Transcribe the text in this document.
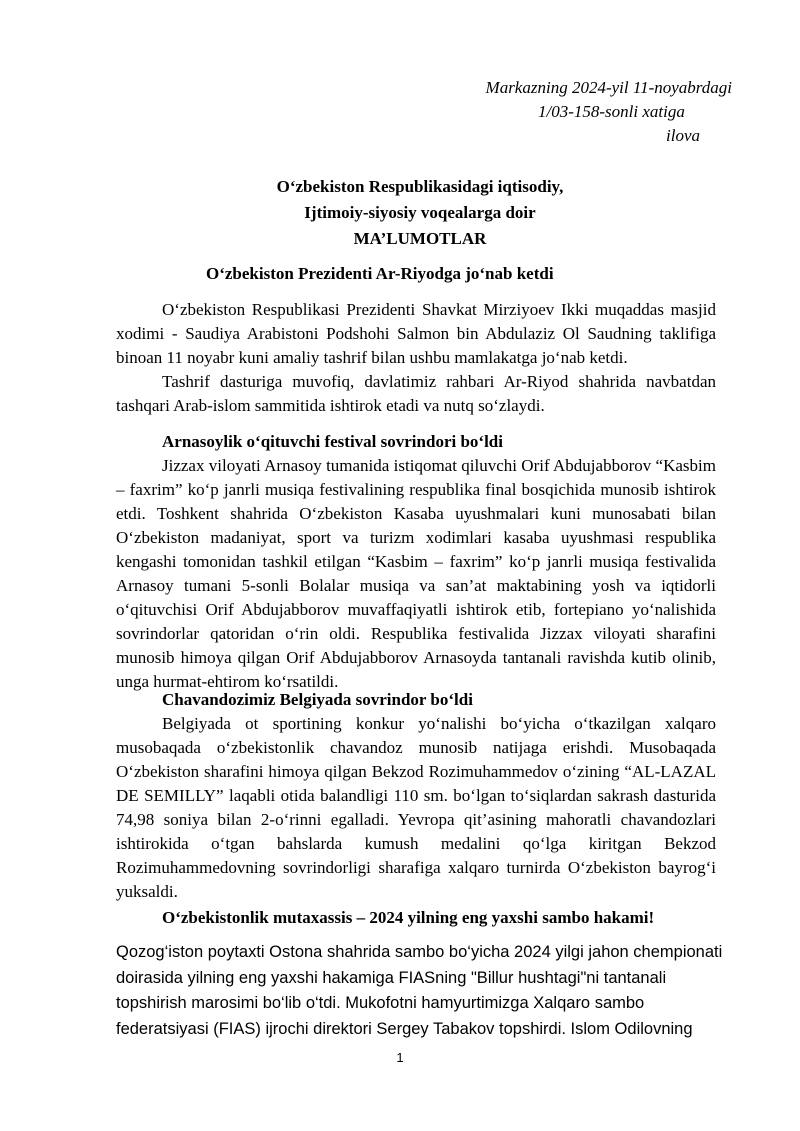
Markazning 2024-yil 11-noyabrdagi
1/03-158-sonli xatiga
ilova
O‘zbekiston Respublikasidagi iqtisodiy,
Ijtimoiy-siyosiy voqealarga doir
MA’LUMOTLAR
O‘zbekiston Prezidenti Ar-Riyodga jo‘nab ketdi

O‘zbekiston Respublikasi Prezidenti Shavkat Mirziyoev Ikki muqaddas masjid xodimi - Saudiya Arabistoni Podshohi Salmon bin Abdulaziz Ol Saudning taklifiga binoan 11 noyabr kuni amaliy tashrif bilan ushbu mamlakatga jo‘nab ketdi.

Tashrif dasturiga muvofiq, davlatimiz rahbari Ar-Riyod shahrida navbatdan tashqari Arab-islom sammitida ishtirok etadi va nutq so‘zlaydi.

Arnasoylik o‘qituvchi festival sovrindori bo‘ldi

Jizzax viloyati Arnasoy tumanida istiqomat qiluvchi Orif Abdujabborov “Kasbim – faxrim” ko‘p janrli musiqa festivalining respublika final bosqichida munosib ishtirok etdi. Toshkent shahrida O‘zbekiston Kasaba uyushmalari kuni munosabati bilan O‘zbekiston madaniyat, sport va turizm xodimlari kasaba uyushmasi respublika kengashi tomonidan tashkil etilgan “Kasbim – faxrim” ko‘p janrli musiqa festivalida Arnasoy tumani 5-sonli Bolalar musiqa va san’at maktabining yosh va iqtidorli o‘qituvchisi Orif Abdujabborov muvaffaqiyatli ishtirok etib, fortepiano yo‘nalishida sovrindorlar qatoridan o‘rin oldi. Respublika festivalida Jizzax viloyati sharafini munosib himoya qilgan Orif Abdujabborov Arnasoyda tantanali ravishda kutib olinib, unga hurmat-ehtirom ko‘rsatildi.

Chavandozimiz Belgiyada sovrindor bo‘ldi

Belgiyada ot sportining konkur yo‘nalishi bo‘yicha o‘tkazilgan xalqaro musobaqada o‘zbekistonlik chavandoz munosib natijaga erishdi. Musobaqada O‘zbekiston sharafini himoya qilgan Bekzod Rozimuhammedov o‘zining “AL-LAZAL DE SEMILLY” laqabli otida balandligi 110 sm. bo‘lgan to‘siqlardan sakrash dasturida 74,98 soniya bilan 2-o‘rinni egalladi. Yevropa qit’asining mahoratli chavandozlari ishtirokida o‘tgan bahslarda kumush medalini qo‘lga kiritgan Bekzod Rozimuhammedovning sovrindorligi sharafiga xalqaro turnirda O‘zbekiston bayrog‘i yuksaldi.

O‘zbekistonlik mutaxassis – 2024 yilning eng yaxshi sambo hakami!
Qozog‘iston poytaxti Ostona shahrida sambo bo‘yicha 2024 yilgi jahon chempionati
doirasida yilning eng yaxshi hakamiga FIASning "Billur hushtagi"ni tantanali
topshirish marosimi bo‘lib o‘tdi. Mukofotni hamyurtimizga Xalqaro sambo
federatsiyasi (FIAS) ijrochi direktori Sergey Tabakov topshirdi. Islom Odilovning
1
